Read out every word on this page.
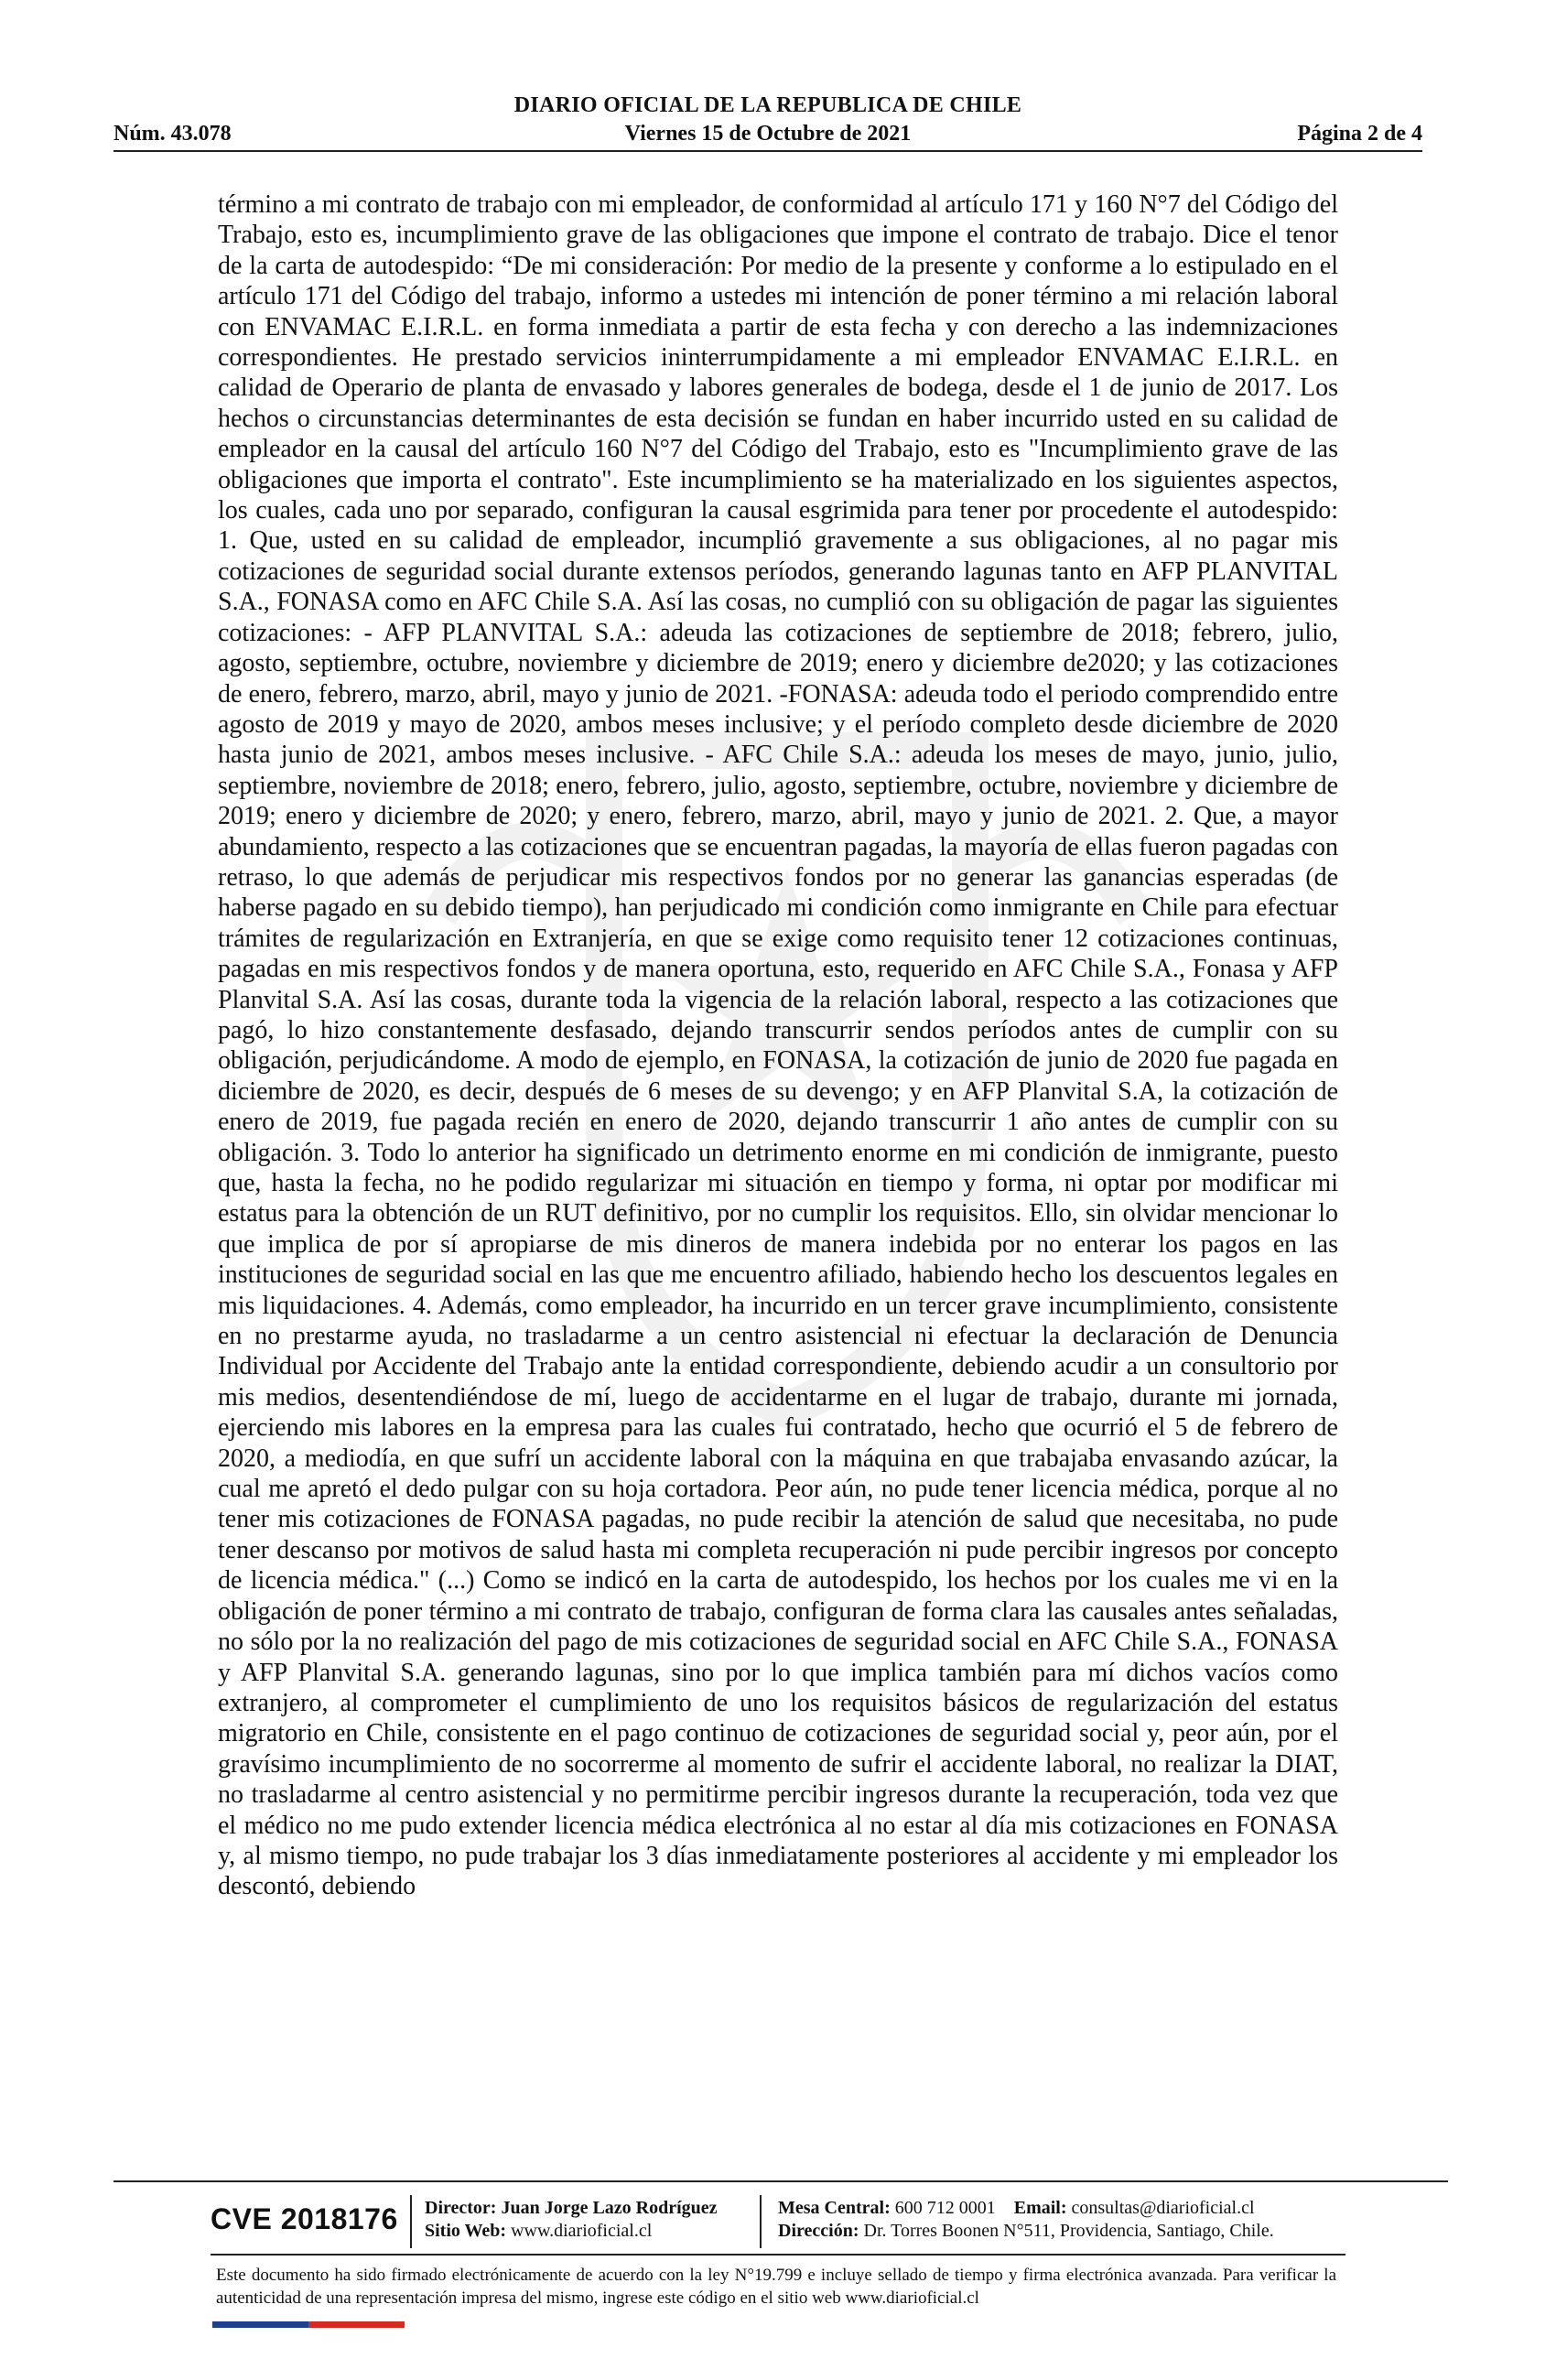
DIARIO OFICIAL DE LA REPUBLICA DE CHILE
Núm. 43.078	Viernes 15 de Octubre de 2021	Página 2 de 4
término a mi contrato de trabajo con mi empleador, de conformidad al artículo 171 y 160 N°7 del Código del Trabajo, esto es, incumplimiento grave de las obligaciones que impone el contrato de trabajo. Dice el tenor de la carta de autodespido: “De mi consideración: Por medio de la presente y conforme a lo estipulado en el artículo 171 del Código del trabajo, informo a ustedes mi intención de poner término a mi relación laboral con ENVAMAC E.I.R.L. en forma inmediata a partir de esta fecha y con derecho a las indemnizaciones correspondientes. He prestado servicios ininterrumpidamente a mi empleador ENVAMAC E.I.R.L. en calidad de Operario de planta de envasado y labores generales de bodega, desde el 1 de junio de 2017. Los hechos o circunstancias determinantes de esta decisión se fundan en haber incurrido usted en su calidad de empleador en la causal del artículo 160 N°7 del Código del Trabajo, esto es "Incumplimiento grave de las obligaciones que importa el contrato". Este incumplimiento se ha materializado en los siguientes aspectos, los cuales, cada uno por separado, configuran la causal esgrimida para tener por procedente el autodespido: 1. Que, usted en su calidad de empleador, incumplió gravemente a sus obligaciones, al no pagar mis cotizaciones de seguridad social durante extensos períodos, generando lagunas tanto en AFP PLANVITAL S.A., FONASA como en AFC Chile S.A. Así las cosas, no cumplió con su obligación de pagar las siguientes cotizaciones: - AFP PLANVITAL S.A.: adeuda las cotizaciones de septiembre de 2018; febrero, julio, agosto, septiembre, octubre, noviembre y diciembre de 2019; enero y diciembre de2020; y las cotizaciones de enero, febrero, marzo, abril, mayo y junio de 2021. -FONASA: adeuda todo el periodo comprendido entre agosto de 2019 y mayo de 2020, ambos meses inclusive; y el período completo desde diciembre de 2020 hasta junio de 2021, ambos meses inclusive. - AFC Chile S.A.: adeuda los meses de mayo, junio, julio, septiembre, noviembre de 2018; enero, febrero, julio, agosto, septiembre, octubre, noviembre y diciembre de 2019; enero y diciembre de 2020; y enero, febrero, marzo, abril, mayo y junio de 2021. 2. Que, a mayor abundamiento, respecto a las cotizaciones que se encuentran pagadas, la mayoría de ellas fueron pagadas con retraso, lo que además de perjudicar mis respectivos fondos por no generar las ganancias esperadas (de haberse pagado en su debido tiempo), han perjudicado mi condición como inmigrante en Chile para efectuar trámites de regularización en Extranjería, en que se exige como requisito tener 12 cotizaciones continuas, pagadas en mis respectivos fondos y de manera oportuna, esto, requerido en AFC Chile S.A., Fonasa y AFP Planvital S.A. Así las cosas, durante toda la vigencia de la relación laboral, respecto a las cotizaciones que pagó, lo hizo constantemente desfasado, dejando transcurrir sendos períodos antes de cumplir con su obligación, perjudicándome. A modo de ejemplo, en FONASA, la cotización de junio de 2020 fue pagada en diciembre de 2020, es decir, después de 6 meses de su devengo; y en AFP Planvital S.A, la cotización de enero de 2019, fue pagada recién en enero de 2020, dejando transcurrir 1 año antes de cumplir con su obligación. 3. Todo lo anterior ha significado un detrimento enorme en mi condición de inmigrante, puesto que, hasta la fecha, no he podido regularizar mi situación en tiempo y forma, ni optar por modificar mi estatus para la obtención de un RUT definitivo, por no cumplir los requisitos. Ello, sin olvidar mencionar lo que implica de por sí apropiarse de mis dineros de manera indebida por no enterar los pagos en las instituciones de seguridad social en las que me encuentro afiliado, habiendo hecho los descuentos legales en mis liquidaciones. 4. Además, como empleador, ha incurrido en un tercer grave incumplimiento, consistente en no prestarme ayuda, no trasladarme a un centro asistencial ni efectuar la declaración de Denuncia Individual por Accidente del Trabajo ante la entidad correspondiente, debiendo acudir a un consultorio por mis medios, desentendiéndose de mí, luego de accidentarme en el lugar de trabajo, durante mi jornada, ejerciendo mis labores en la empresa para las cuales fui contratado, hecho que ocurrió el 5 de febrero de 2020, a mediodía, en que sufrí un accidente laboral con la máquina en que trabajaba envasando azúcar, la cual me apretó el dedo pulgar con su hoja cortadora. Peor aún, no pude tener licencia médica, porque al no tener mis cotizaciones de FONASA pagadas, no pude recibir la atención de salud que necesitaba, no pude tener descanso por motivos de salud hasta mi completa recuperación ni pude percibir ingresos por concepto de licencia médica." (...) Como se indicó en la carta de autodespido, los hechos por los cuales me vi en la obligación de poner término a mi contrato de trabajo, configuran de forma clara las causales antes señaladas, no sólo por la no realización del pago de mis cotizaciones de seguridad social en AFC Chile S.A., FONASA y AFP Planvital S.A. generando lagunas, sino por lo que implica también para mí dichos vacíos como extranjero, al comprometer el cumplimiento de uno los requisitos básicos de regularización del estatus migratorio en Chile, consistente en el pago continuo de cotizaciones de seguridad social y, peor aún, por el gravísimo incumplimiento de no socorrerme al momento de sufrir el accidente laboral, no realizar la DIAT, no trasladarme al centro asistencial y no permitirme percibir ingresos durante la recuperación, toda vez que el médico no me pudo extender licencia médica electrónica al no estar al día mis cotizaciones en FONASA y, al mismo tiempo, no pude trabajar los 3 días inmediatamente posteriores al accidente y mi empleador los descontó, debiendo
CVE 2018176 Director: Juan Jorge Lazo Rodríguez
Sitio Web: www.diarioficial.cl
Mesa Central: 600 712 0001 Email: consultas@diarioficial.cl
Dirección: Dr. Torres Boonen N°511, Providencia, Santiago, Chile.
Este documento ha sido firmado electrónicamente de acuerdo con la ley N°19.799 e incluye sellado de tiempo y firma electrónica avanzada. Para verificar la autenticidad de una representación impresa del mismo, ingrese este código en el sitio web www.diarioficial.cl
